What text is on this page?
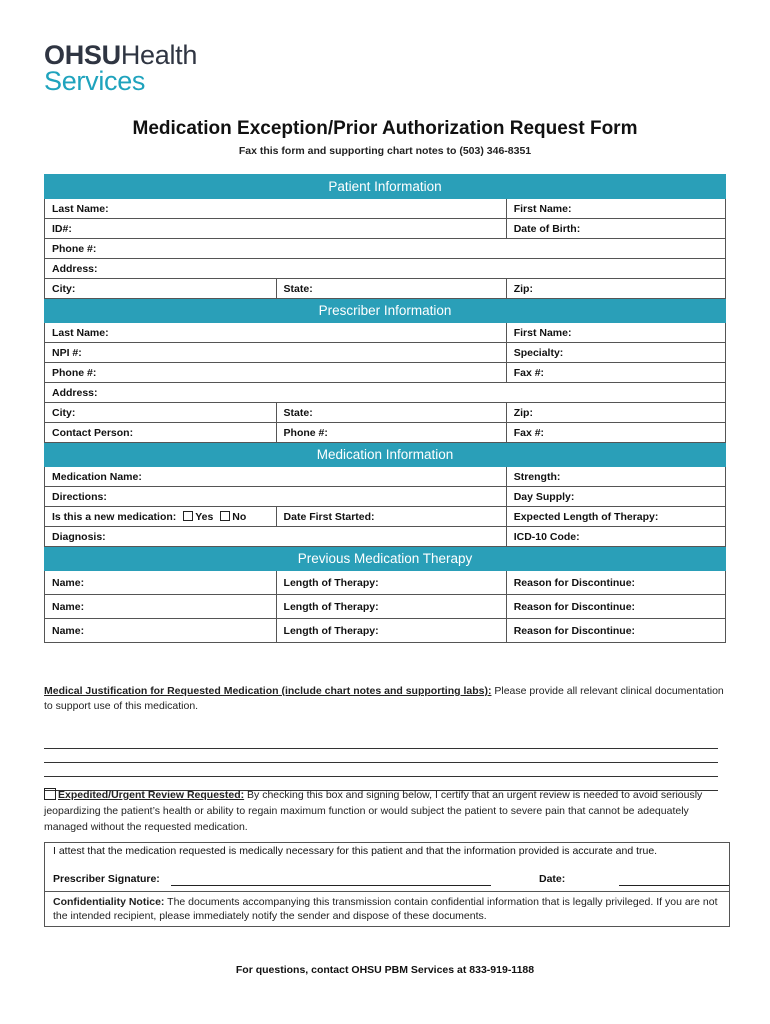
OHSUHealth
Services
Medication Exception/Prior Authorization Request Form
Fax this form and supporting chart notes to (503) 346-8351
Patient Information		
Last Name:		First Name:
ID#:		Date of Birth:
Phone #:		
Address:		
City:	State:	Zip:
Prescriber Information		
Last Name:		First Name:
NPI #:		Specialty:
Phone #:		Fax #:
Address:		
City:	State:	Zip:
Contact Person:	Phone #:	Fax #:
Medication Information		
Medication Name:		Strength:
Directions:		Day Supply:
Is this a new medication: Yes No	Date First Started:	Expected Length of Therapy:
Diagnosis:		ICD-10 Code:
Previous Medication Therapy		
Name:	Length of Therapy:	Reason for Discontinue:
Name:	Length of Therapy:	Reason for Discontinue:
Name:	Length of Therapy:	Reason for Discontinue:
Medical Justification for Requested Medication (include chart notes and supporting labs): Please provide all relevant clinical documentation to support use of this medication.
Expedited/Urgent Review Requested: By checking this box and signing below, I certify that an urgent review is needed to avoid seriously jeopardizing the patient’s health or ability to regain maximum function or would subject the patient to severe pain that cannot be adequately managed without the requested medication.
I attest that the medication requested is medically necessary for this patient and that the information provided is accurate and true.
Prescriber Signature:	Date:
Confidentiality Notice: The documents accompanying this transmission contain confidential information that is legally privileged. If you are not the intended recipient, please immediately notify the sender and dispose of these documents.
For questions, contact OHSU PBM Services at 833-919-1188
